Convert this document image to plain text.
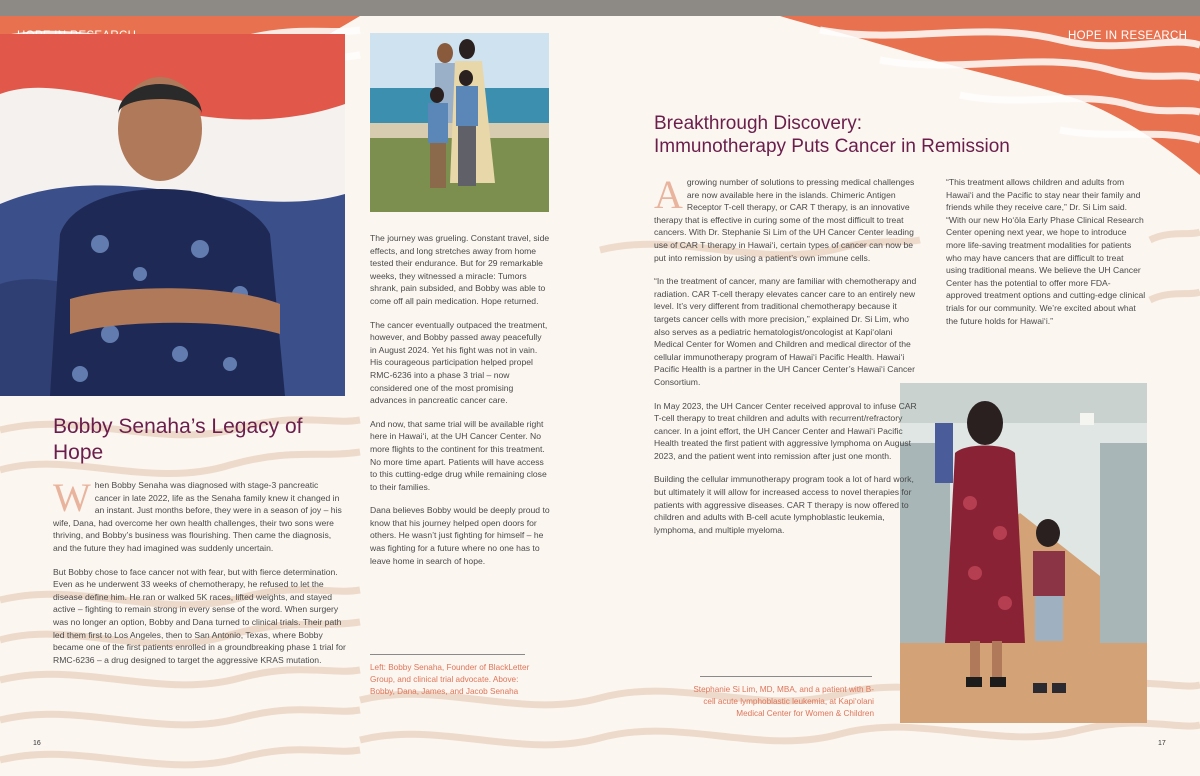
HOPE IN RESEARCH
Bobby Senaha’s Legacy of Hope

W hen Bobby Senaha was diagnosed with stage-3 pancreatic cancer in late 2022, life as the Senaha family knew it changed in an instant. Just months before, they were in a season of joy – his wife, Dana, had overcome her own health challenges, their two sons were thriving, and Bobby’s business was flourishing. Then came the diagnosis, and the future they had imagined was suddenly uncertain.

But Bobby chose to face cancer not with fear, but with fierce determination. Even as he underwent 33 weeks of chemotherapy, he refused to let the disease define him. He ran or walked 5K races, lifted weights, and stayed active – fighting to remain strong in every sense of the word. When surgery was no longer an option, Bobby and Dana turned to clinical trials. Their path led them first to Los Angeles, then to San Antonio, Texas, where Bobby became one of the first patients enrolled in a groundbreaking phase 1 trial for RMC-6236 – a drug designed to target the aggressive KRAS mutation.

The journey was grueling. Constant travel, side effects, and long stretches away from home tested their endurance. But for 29 remarkable weeks, they witnessed a miracle: Tumors shrank, pain subsided, and Bobby was able to come off all pain medication. Hope returned.

The cancer eventually outpaced the treatment, however, and Bobby passed away peacefully in August 2024. Yet his fight was not in vain. His courageous participation helped propel RMC-6236 into a phase 3 trial – now considered one of the most promising advances in pancreatic cancer care.

And now, that same trial will be available right here in Hawai‘i, at the UH Cancer Center. No more flights to the continent for this treatment. No more time apart. Patients will have access to this cutting-edge drug while remaining close to their families.

Dana believes Bobby would be deeply proud to know that his journey helped open doors for others. He wasn’t just fighting for himself – he was fighting for a future where no one has to leave home in search of hope.

Left: Bobby Senaha, Founder of BlackLetter Group, and clinical trial advocate. Above: Bobby, Dana, James, and Jacob Senaha
Breakthrough Discovery:
Immunotherapy Puts Cancer in Remission

A growing number of solutions to pressing medical challenges are now available here in the islands. Chimeric Antigen Receptor T-cell therapy, or CAR T therapy, is an innovative therapy that is effective in curing some of the most difficult to treat cancers. With Dr. Stephanie Si Lim of the UH Cancer Center leading use of CAR T therapy in Hawai‘i, certain types of cancer can now be put into remission by using a patient’s own immune cells.

“In the treatment of cancer, many are familiar with chemotherapy and radiation. CAR T-cell therapy elevates cancer care to an entirely new level. It’s very different from traditional chemotherapy because it targets cancer cells with more precision,” explained Dr. Si Lim, who also serves as a pediatric hematologist/oncologist at Kapi‘olani Medical Center for Women and Children and medical director of the cellular immunotherapy program of Hawai‘i Pacific Health. Hawai‘i Pacific Health is a partner in the UH Cancer Center’s Hawai‘i Cancer Consortium.

In May 2023, the UH Cancer Center received approval to infuse CAR T-cell therapy to treat children and adults with recurrent/refractory cancer. In a joint effort, the UH Cancer Center and Hawai‘i Pacific Health treated the first patient with aggressive lymphoma on August 2023, and the patient went into remission after just one month.

Building the cellular immunotherapy program took a lot of hard work, but ultimately it will allow for increased access to novel therapies for patients with aggressive diseases. CAR T therapy is now offered to children and adults with B-cell acute lymphoblastic leukemia, lymphoma, and multiple myeloma.

“This treatment allows children and adults from Hawai‘i and the Pacific to stay near their family and friends while they receive care,” Dr. Si Lim said. “With our new Ho‘ōla Early Phase Clinical Research Center opening next year, we hope to introduce more life-saving treatment modalities for patients who may have cancers that are difficult to treat using traditional means. We believe the UH Cancer Center has the potential to offer more FDA-approved treatment options and cutting-edge clinical trials for our community. We’re excited about what the future holds for Hawai‘i.”

Stephanie Si Lim, MD, MBA, and a patient with B-cell acute lymphoblastic leukemia, at Kapi‘olani Medical Center for Women & Children
16	17
